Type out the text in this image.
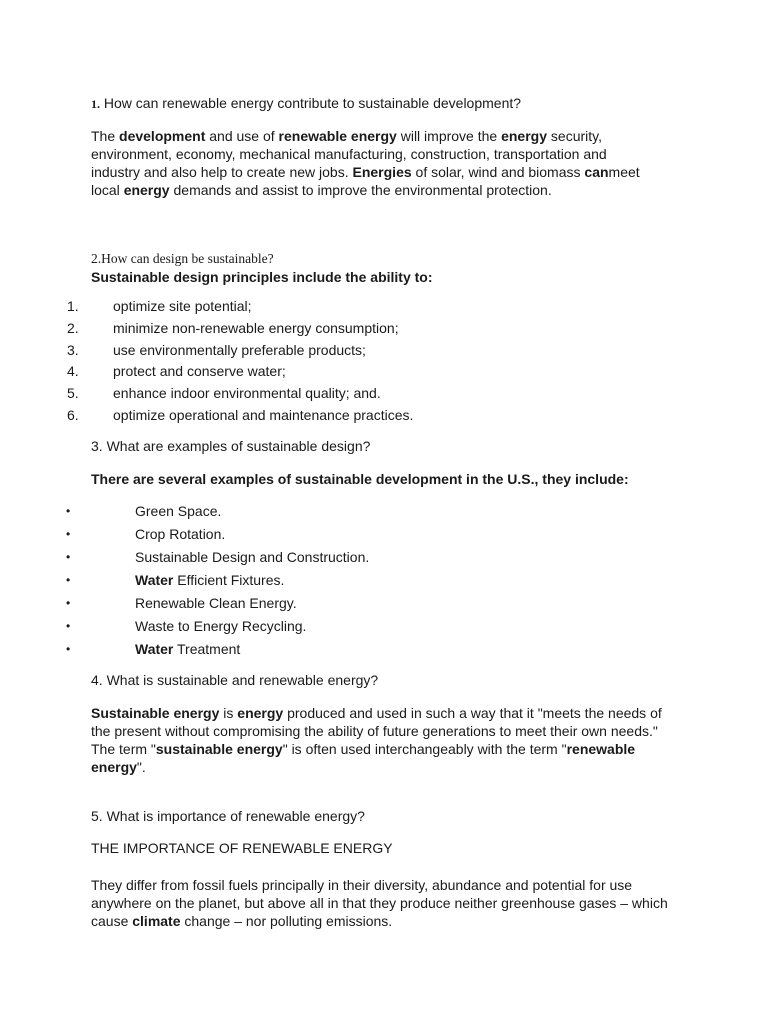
1. How can renewable energy contribute to sustainable development?
The development and use of renewable energy will improve the energy security, environment, economy, mechanical manufacturing, construction, transportation and industry and also help to create new jobs. Energies of solar, wind and biomass canmeet local energy demands and assist to improve the environmental protection.
2.How can design be sustainable?
Sustainable design principles include the ability to:
1. optimize site potential;
2. minimize non-renewable energy consumption;
3. use environmentally preferable products;
4. protect and conserve water;
5. enhance indoor environmental quality; and.
6. optimize operational and maintenance practices.
3. What are examples of sustainable design?
There are several examples of sustainable development in the U.S., they include:
•	Green Space.
•	Crop Rotation.
•	Sustainable Design and Construction.
•	Water Efficient Fixtures.
•	Renewable Clean Energy.
•	Waste to Energy Recycling.
•	Water Treatment
4. What is sustainable and renewable energy?
Sustainable energy is energy produced and used in such a way that it "meets the needs of the present without compromising the ability of future generations to meet their own needs." The term "sustainable energy" is often used interchangeably with the term "renewable energy".
5. What is importance of renewable energy?
THE IMPORTANCE OF RENEWABLE ENERGY
They differ from fossil fuels principally in their diversity, abundance and potential for use anywhere on the planet, but above all in that they produce neither greenhouse gases – which cause climate change – nor polluting emissions.
